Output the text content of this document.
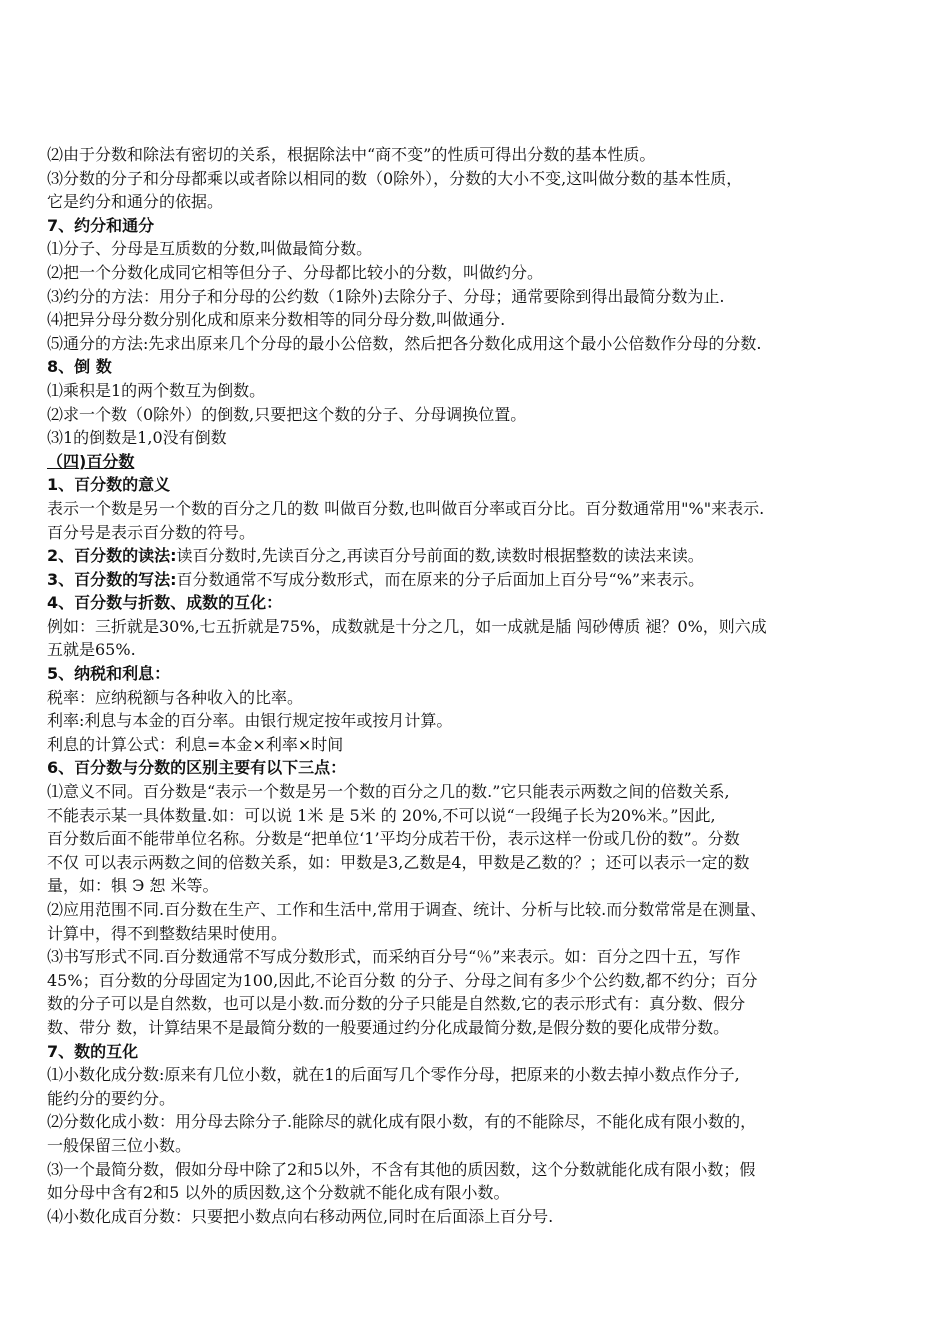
⑵由于分数和除法有密切的关系，根据除法中“商不变”的性质可得出分数的基本性质。

⑶分数的分子和分母都乘以或者除以相同的数（0除外），分数的大小不变,这叫做分数的基本性质，

它是约分和通分的依据。

7、约分和通分

⑴分子、分母是互质数的分数,叫做最简分数。

⑵把一个分数化成同它相等但分子、分母都比较小的分数，叫做约分。

⑶约分的方法：用分子和分母的公约数（1除外)去除分子、分母；通常要除到得出最简分数为止.

⑷把异分母分数分别化成和原来分数相等的同分母分数,叫做通分.

⑸通分的方法:先求出原来几个分母的最小公倍数，然后把各分数化成用这个最小公倍数作分母的分数.

8、倒 数

⑴乘积是1的两个数互为倒数。

⑵求一个数（0除外）的倒数,只要把这个数的分子、分母调换位置。

⑶1的倒数是1,0没有倒数

（四)百分数

1、百分数的意义

表示一个数是另一个数的百分之几的数 叫做百分数,也叫做百分率或百分比。百分数通常用"%"来表示.

百分号是表示百分数的符号。

2、百分数的读法:读百分数时,先读百分之,再读百分号前面的数,读数时根据整数的读法来读。

3、百分数的写法:百分数通常不写成分数形式，而在原来的分子后面加上百分号“%”来表示。

4、百分数与折数、成数的互化：

例如：三折就是30%,七五折就是75%，成数就是十分之几，如一成就是牐 闯砂傅质 褪？0%，则六成

五就是65%.

5、纳税和利息：

税率：应纳税额与各种收入的比率。

利率:利息与本金的百分率。由银行规定按年或按月计算。

利息的计算公式：利息=本金×利率×时间

6、百分数与分数的区别主要有以下三点：

⑴意义不同。百分数是“表示一个数是另一个数的百分之几的数.”它只能表示两数之间的倍数关系,

不能表示某一具体数量.如：可以说 1米 是 5米 的 20%,不可以说“一段绳子长为20%米。”因此,

百分数后面不能带单位名称。分数是“把单位‘1’平均分成若干份，表示这样一份或几份的数”。分数

不仅 可以表示两数之间的倍数关系，如：甲数是3,乙数是4，甲数是乙数的？；还可以表示一定的数

量，如：犋 Э 恕 米等。

⑵应用范围不同.百分数在生产、工作和生活中,常用于调查、统计、分析与比较.而分数常常是在测量、

计算中，得不到整数结果时使用。

⑶书写形式不同.百分数通常不写成分数形式，而采纳百分号“％”来表示。如：百分之四十五，写作

45%；百分数的分母固定为100,因此,不论百分数 的分子、分母之间有多少个公约数,都不约分；百分

数的分子可以是自然数，也可以是小数.而分数的分子只能是自然数,它的表示形式有：真分数、假分

数、带分 数，计算结果不是最简分数的一般要通过约分化成最简分数,是假分数的要化成带分数。

7、数的互化

⑴小数化成分数:原来有几位小数，就在1的后面写几个零作分母，把原来的小数去掉小数点作分子,

能约分的要约分。

⑵分数化成小数：用分母去除分子.能除尽的就化成有限小数，有的不能除尽，不能化成有限小数的，

一般保留三位小数。

⑶一个最简分数，假如分母中除了2和5以外，不含有其他的质因数，这个分数就能化成有限小数；假

如分母中含有2和5 以外的质因数,这个分数就不能化成有限小数。

⑷小数化成百分数：只要把小数点向右移动两位,同时在后面添上百分号.
